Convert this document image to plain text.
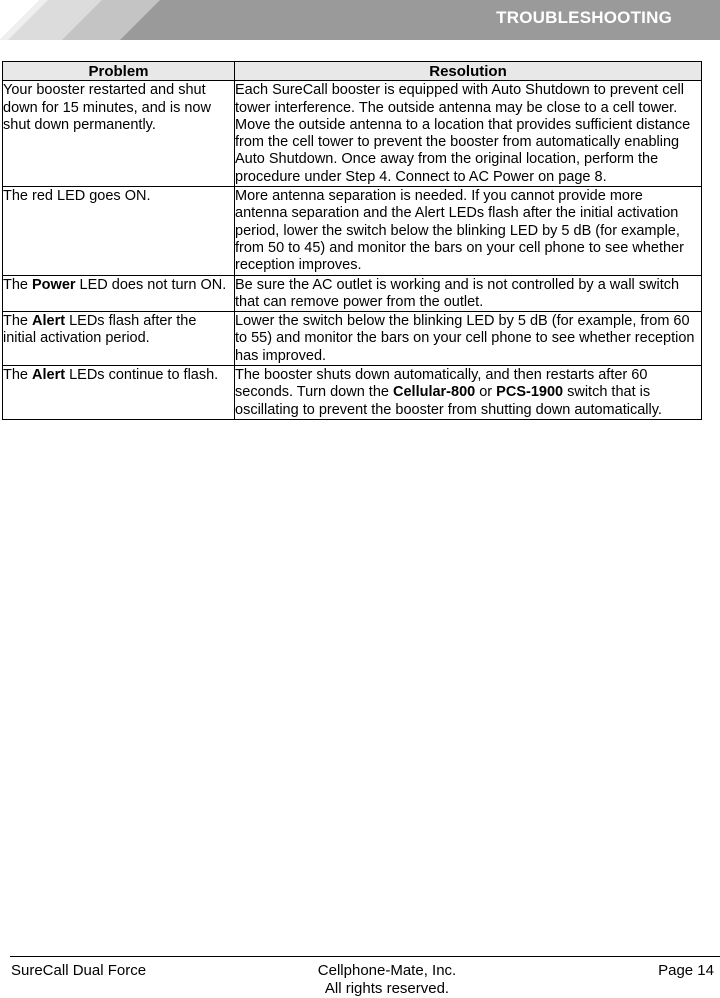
TROUBLESHOOTING
Problem	Resolution
Your booster restarted and shut down for 15 minutes, and is now shut down permanently.	Each SureCall booster is equipped with Auto Shutdown to prevent cell tower interference. The outside antenna may be close to a cell tower. Move the outside antenna to a location that provides sufficient distance from the cell tower to prevent the booster from automatically enabling Auto Shutdown. Once away from the original location, perform the procedure under Step 4. Connect to AC Power on page 8.
The red LED goes ON.	More antenna separation is needed. If you cannot provide more antenna separation and the Alert LEDs flash after the initial activation period, lower the switch below the blinking LED by 5 dB (for example, from 50 to 45) and monitor the bars on your cell phone to see whether reception improves.
The Power LED does not turn ON.	Be sure the AC outlet is working and is not controlled by a wall switch that can remove power from the outlet.
The Alert LEDs flash after the initial activation period.	Lower the switch below the blinking LED by 5 dB (for example, from 60 to 55) and monitor the bars on your cell phone to see whether reception has improved.
The Alert LEDs continue to flash.	The booster shuts down automatically, and then restarts after 60 seconds. Turn down the Cellular-800 or PCS-1900 switch that is oscillating to prevent the booster from shutting down automatically.
SureCall Dual Force	Cellphone-Mate, Inc.
All rights reserved.
Page 14
